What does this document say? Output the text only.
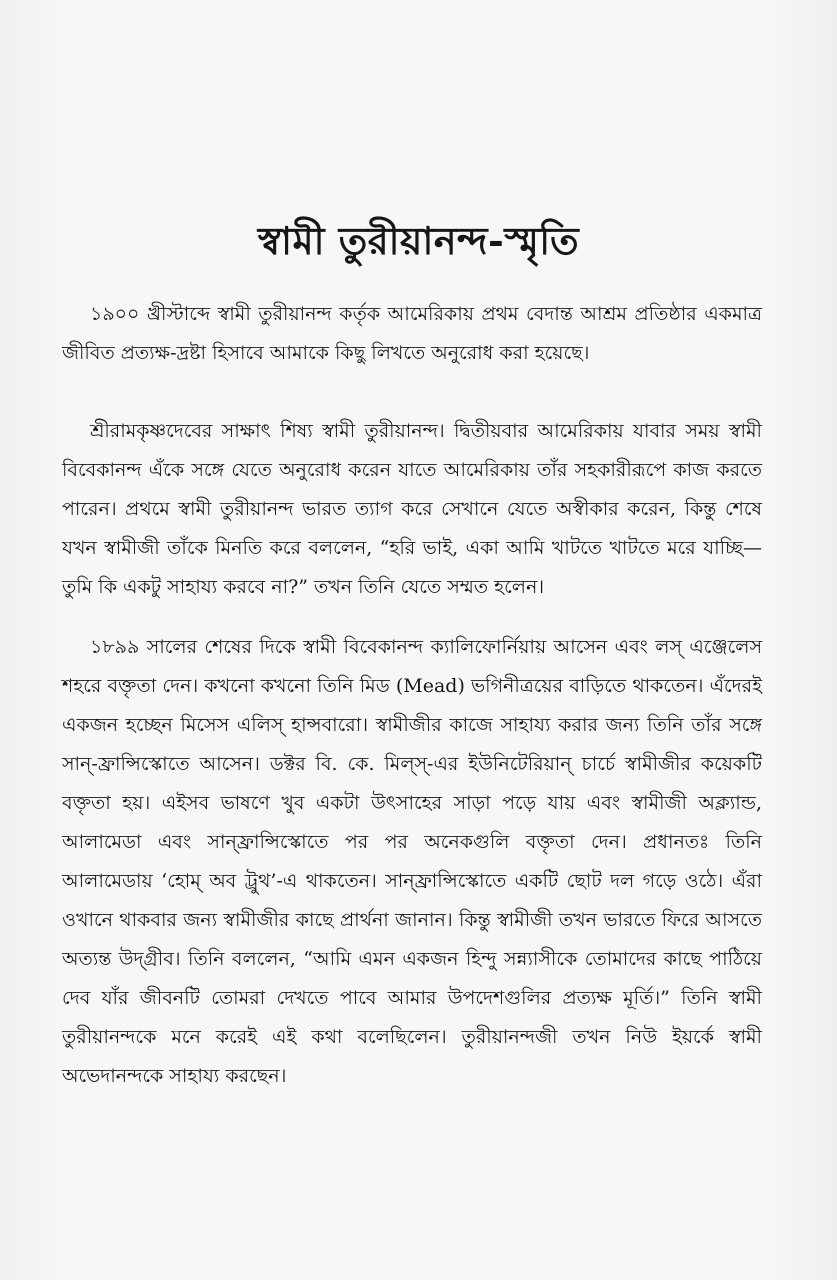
স্বামী তুরীয়ানন্দ-স্মৃতি

১৯০০ খ্রীস্টাব্দে স্বামী তুরীয়ানন্দ কর্তৃক আমেরিকায় প্রথম বেদান্ত আশ্রম প্রতিষ্ঠার একমাত্র জীবিত প্রত্যক্ষ-দ্রষ্টা হিসাবে আমাকে কিছু লিখতে অনুরোধ করা হয়েছে।

শ্রীরামকৃষ্ণদেবের সাক্ষাৎ শিষ্য স্বামী তুরীয়ানন্দ। দ্বিতীয়বার আমেরিকায় যাবার সময় স্বামী বিবেকানন্দ এঁকে সঙ্গে যেতে অনুরোধ করেন যাতে আমেরিকায় তাঁর সহকারীরূপে কাজ করতে পারেন। প্রথমে স্বামী তুরীয়ানন্দ ভারত ত্যাগ করে সেখানে যেতে অস্বীকার করেন, কিন্তু শেষে যখন স্বামীজী তাঁকে মিনতি করে বললেন, “হরি ভাই, একা আমি খাটতে খাটতে মরে যাচ্ছি—তুমি কি একটু সাহায্য করবে না?” তখন তিনি যেতে সম্মত হলেন।

১৮৯৯ সালের শেষের দিকে স্বামী বিবেকানন্দ ক্যালিফোর্নিয়ায় আসেন এবং লস্ এঞ্জেলেস শহরে বক্তৃতা দেন। কখনো কখনো তিনি মিড (Mead) ভগিনীত্রয়ের বাড়িতে থাকতেন। এঁদেরই একজন হচ্ছেন মিসেস এলিস্ হান্সবারো। স্বামীজীর কাজে সাহায্য করার জন্য তিনি তাঁর সঙ্গে সান্-ফ্রান্সিস্কোতে আসেন। ডক্টর বি. কে. মিল্স্-এর ইউনিটেরিয়ান্ চার্চে স্বামীজীর কয়েকটি বক্তৃতা হয়। এইসব ভাষণে খুব একটা উৎসাহের সাড়া পড়ে যায় এবং স্বামীজী অক্ল্যান্ড, আলামেডা এবং সান্ফ্রান্সিস্কোতে পর পর অনেকগুলি বক্তৃতা দেন। প্রধানতঃ তিনি আলামেডায় ‘হোম্ অব ট্রুথ’-এ থাকতেন। সান্ফ্রান্সিস্কোতে একটি ছোট দল গড়ে ওঠে। এঁরা ওখানে থাকবার জন্য স্বামীজীর কাছে প্রার্থনা জানান। কিন্তু স্বামীজী তখন ভারতে ফিরে আসতে অত্যন্ত উদ্গ্রীব। তিনি বললেন, “আমি এমন একজন হিন্দু সন্ন্যাসীকে তোমাদের কাছে পাঠিয়ে দেব যাঁর জীবনটি তোমরা দেখতে পাবে আমার উপদেশগুলির প্রত্যক্ষ মূর্তি।” তিনি স্বামী তুরীয়ানন্দকে মনে করেই এই কথা বলেছিলেন। তুরীয়ানন্দজী তখন নিউ ইয়র্কে স্বামী অভেদানন্দকে সাহায্য করছেন।
